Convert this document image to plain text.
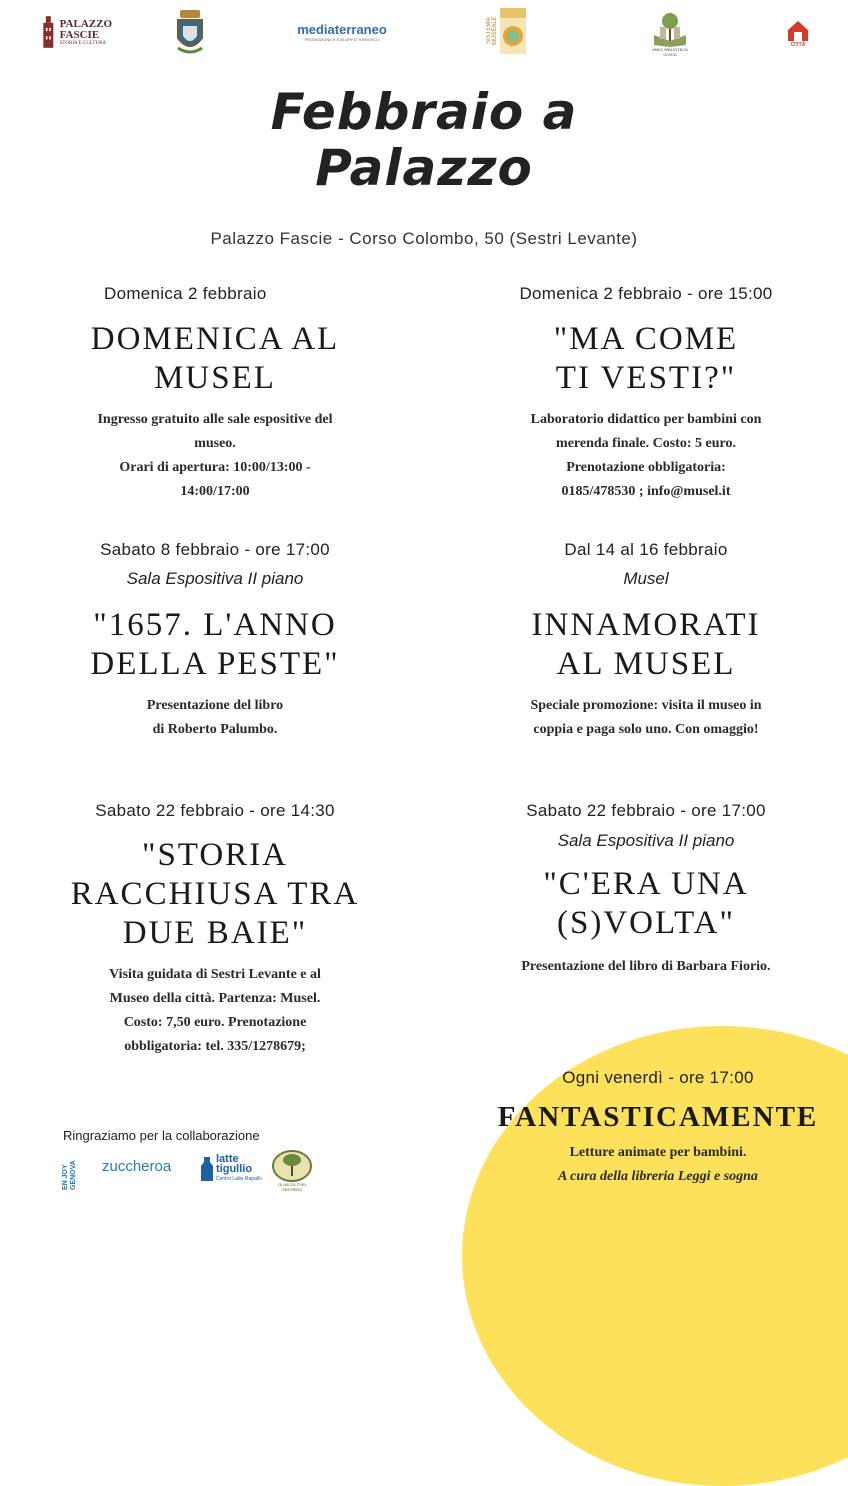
PALAZZO
FASCIE
STORIA E CULTURA
mediaterraneo
PROMOZIONE E SVILUPPO TURISTICO	SISTEMA MUSEALE
AMICI BIBLIOTECA CIVICA
CITTÀ
Febbraio a
Palazzo
Palazzo Fascie - Corso Colombo, 50 (Sestri Levante)
Domenica 2 febbraio
DOMENICA AL
MUSEL
Ingresso gratuito alle sale espositive del
museo.
Orari di apertura: 10:00/13:00 -
14:00/17:00
Domenica 2 febbraio - ore 15:00
"MA COME
TI VESTI?"
Laboratorio didattico per bambini con
merenda finale. Costo: 5 euro.
Prenotazione obbligatoria:
0185/478530 ; info@musel.it
Sabato 8 febbraio - ore 17:00
Sala Espositiva II piano
"1657. L'ANNO
DELLA PESTE"
Presentazione del libro
di Roberto Palumbo.
Dal 14 al 16 febbraio
Musel
INNAMORATI
AL MUSEL
Speciale promozione: visita il museo in
coppia e paga solo uno. Con omaggio!
Sabato 22 febbraio - ore 14:30
"STORIA
RACCHIUSA TRA
DUE BAIE"
Visita guidata di Sestri Levante e al
Museo della città. Partenza: Musel.
Costo: 7,50 euro. Prenotazione
obbligatoria: tel. 335/1278679;
Sabato 22 febbraio - ore 17:00
Sala Espositiva II piano
"C'ERA UNA
(S)VOLTA"
Presentazione del libro di Barbara Fiorio.
Ogni venerdì - ore 17:00
FANTASTICAMENTE
Letture animate per bambini.
A cura della libreria Leggi e sogna
Ringraziamo per la collaborazione
EN JOY GENOVA	zuccheroa	latte
tigullio
Centro Latte Rapallo
OLIVICOLTORI SESTRESI
